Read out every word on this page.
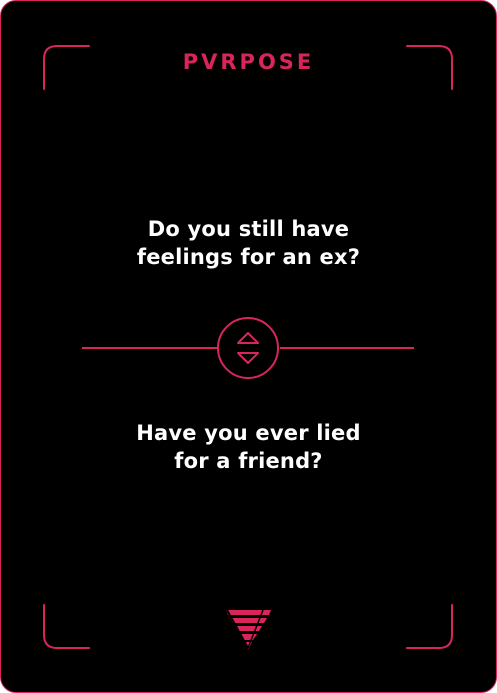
PVRPOSE
Do you still have
feelings for an ex?
Have you ever lied
for a friend?
